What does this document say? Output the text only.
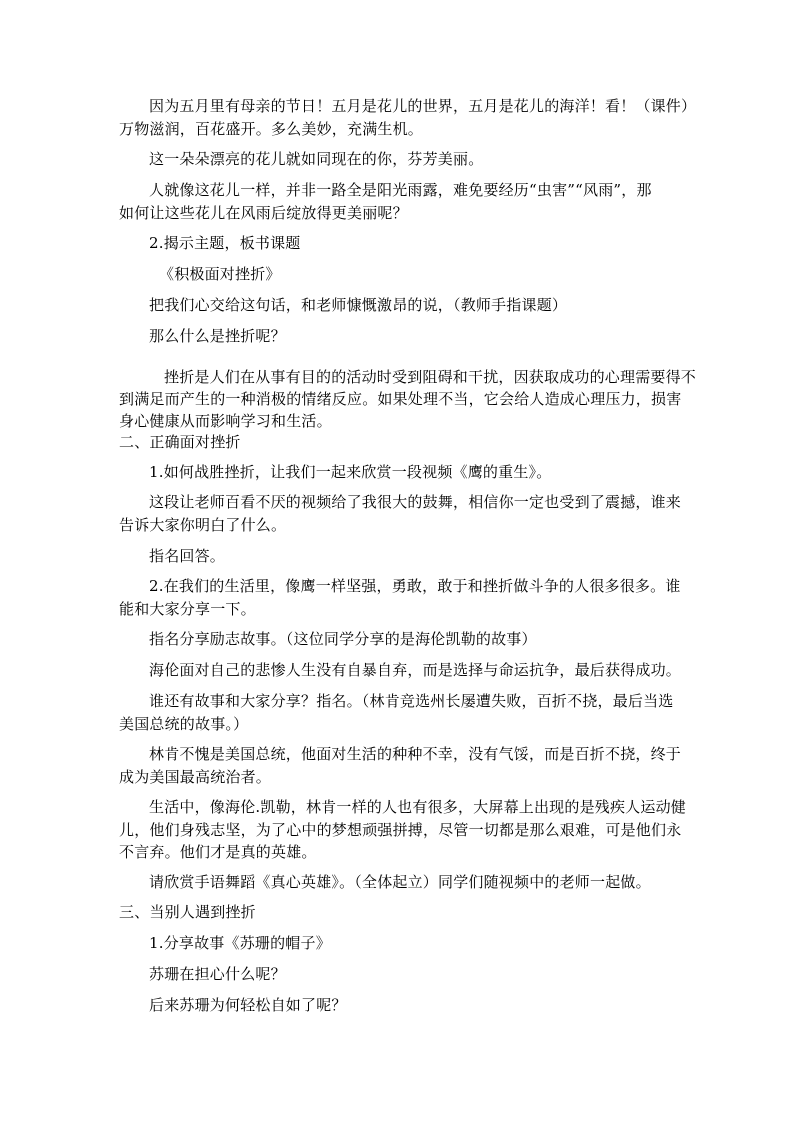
因为五月里有母亲的节日！五月是花儿的世界，五月是花儿的海洋！看！（课件）
万物滋润，百花盛开。多么美妙，充满生机。
这一朵朵漂亮的花儿就如同现在的你，芬芳美丽。
人就像这花儿一样，并非一路全是阳光雨露，难免要经历“虫害”“风雨”，那
如何让这些花儿在风雨后绽放得更美丽呢？
2.揭示主题，板书课题
《积极面对挫折》
把我们心交给这句话，和老师慷慨激昂的说，（教师手指课题）
那么什么是挫折呢？
挫折是人们在从事有目的的活动时受到阻碍和干扰，因获取成功的心理需要得不
到满足而产生的一种消极的情绪反应。如果处理不当，它会给人造成心理压力，损害
身心健康从而影响学习和生活。
二、正确面对挫折
1.如何战胜挫折，让我们一起来欣赏一段视频《鹰的重生》。
这段让老师百看不厌的视频给了我很大的鼓舞，相信你一定也受到了震撼，谁来
告诉大家你明白了什么。
指名回答。
2.在我们的生活里，像鹰一样坚强，勇敢，敢于和挫折做斗争的人很多很多。谁
能和大家分享一下。
指名分享励志故事。（这位同学分享的是海伦凯勒的故事）
海伦面对自己的悲惨人生没有自暴自弃，而是选择与命运抗争，最后获得成功。
谁还有故事和大家分享？指名。（林肯竞选州长屡遭失败，百折不挠，最后当选
美国总统的故事。）
林肯不愧是美国总统，他面对生活的种种不幸，没有气馁，而是百折不挠，终于
成为美国最高统治者。
生活中，像海伦.凯勒，林肯一样的人也有很多，大屏幕上出现的是残疾人运动健
儿，他们身残志坚，为了心中的梦想顽强拼搏，尽管一切都是那么艰难，可是他们永
不言弃。他们才是真的英雄。
请欣赏手语舞蹈《真心英雄》。（全体起立）同学们随视频中的老师一起做。
三、当别人遇到挫折
1.分享故事《苏珊的帽子》
苏珊在担心什么呢？
后来苏珊为何轻松自如了呢？
